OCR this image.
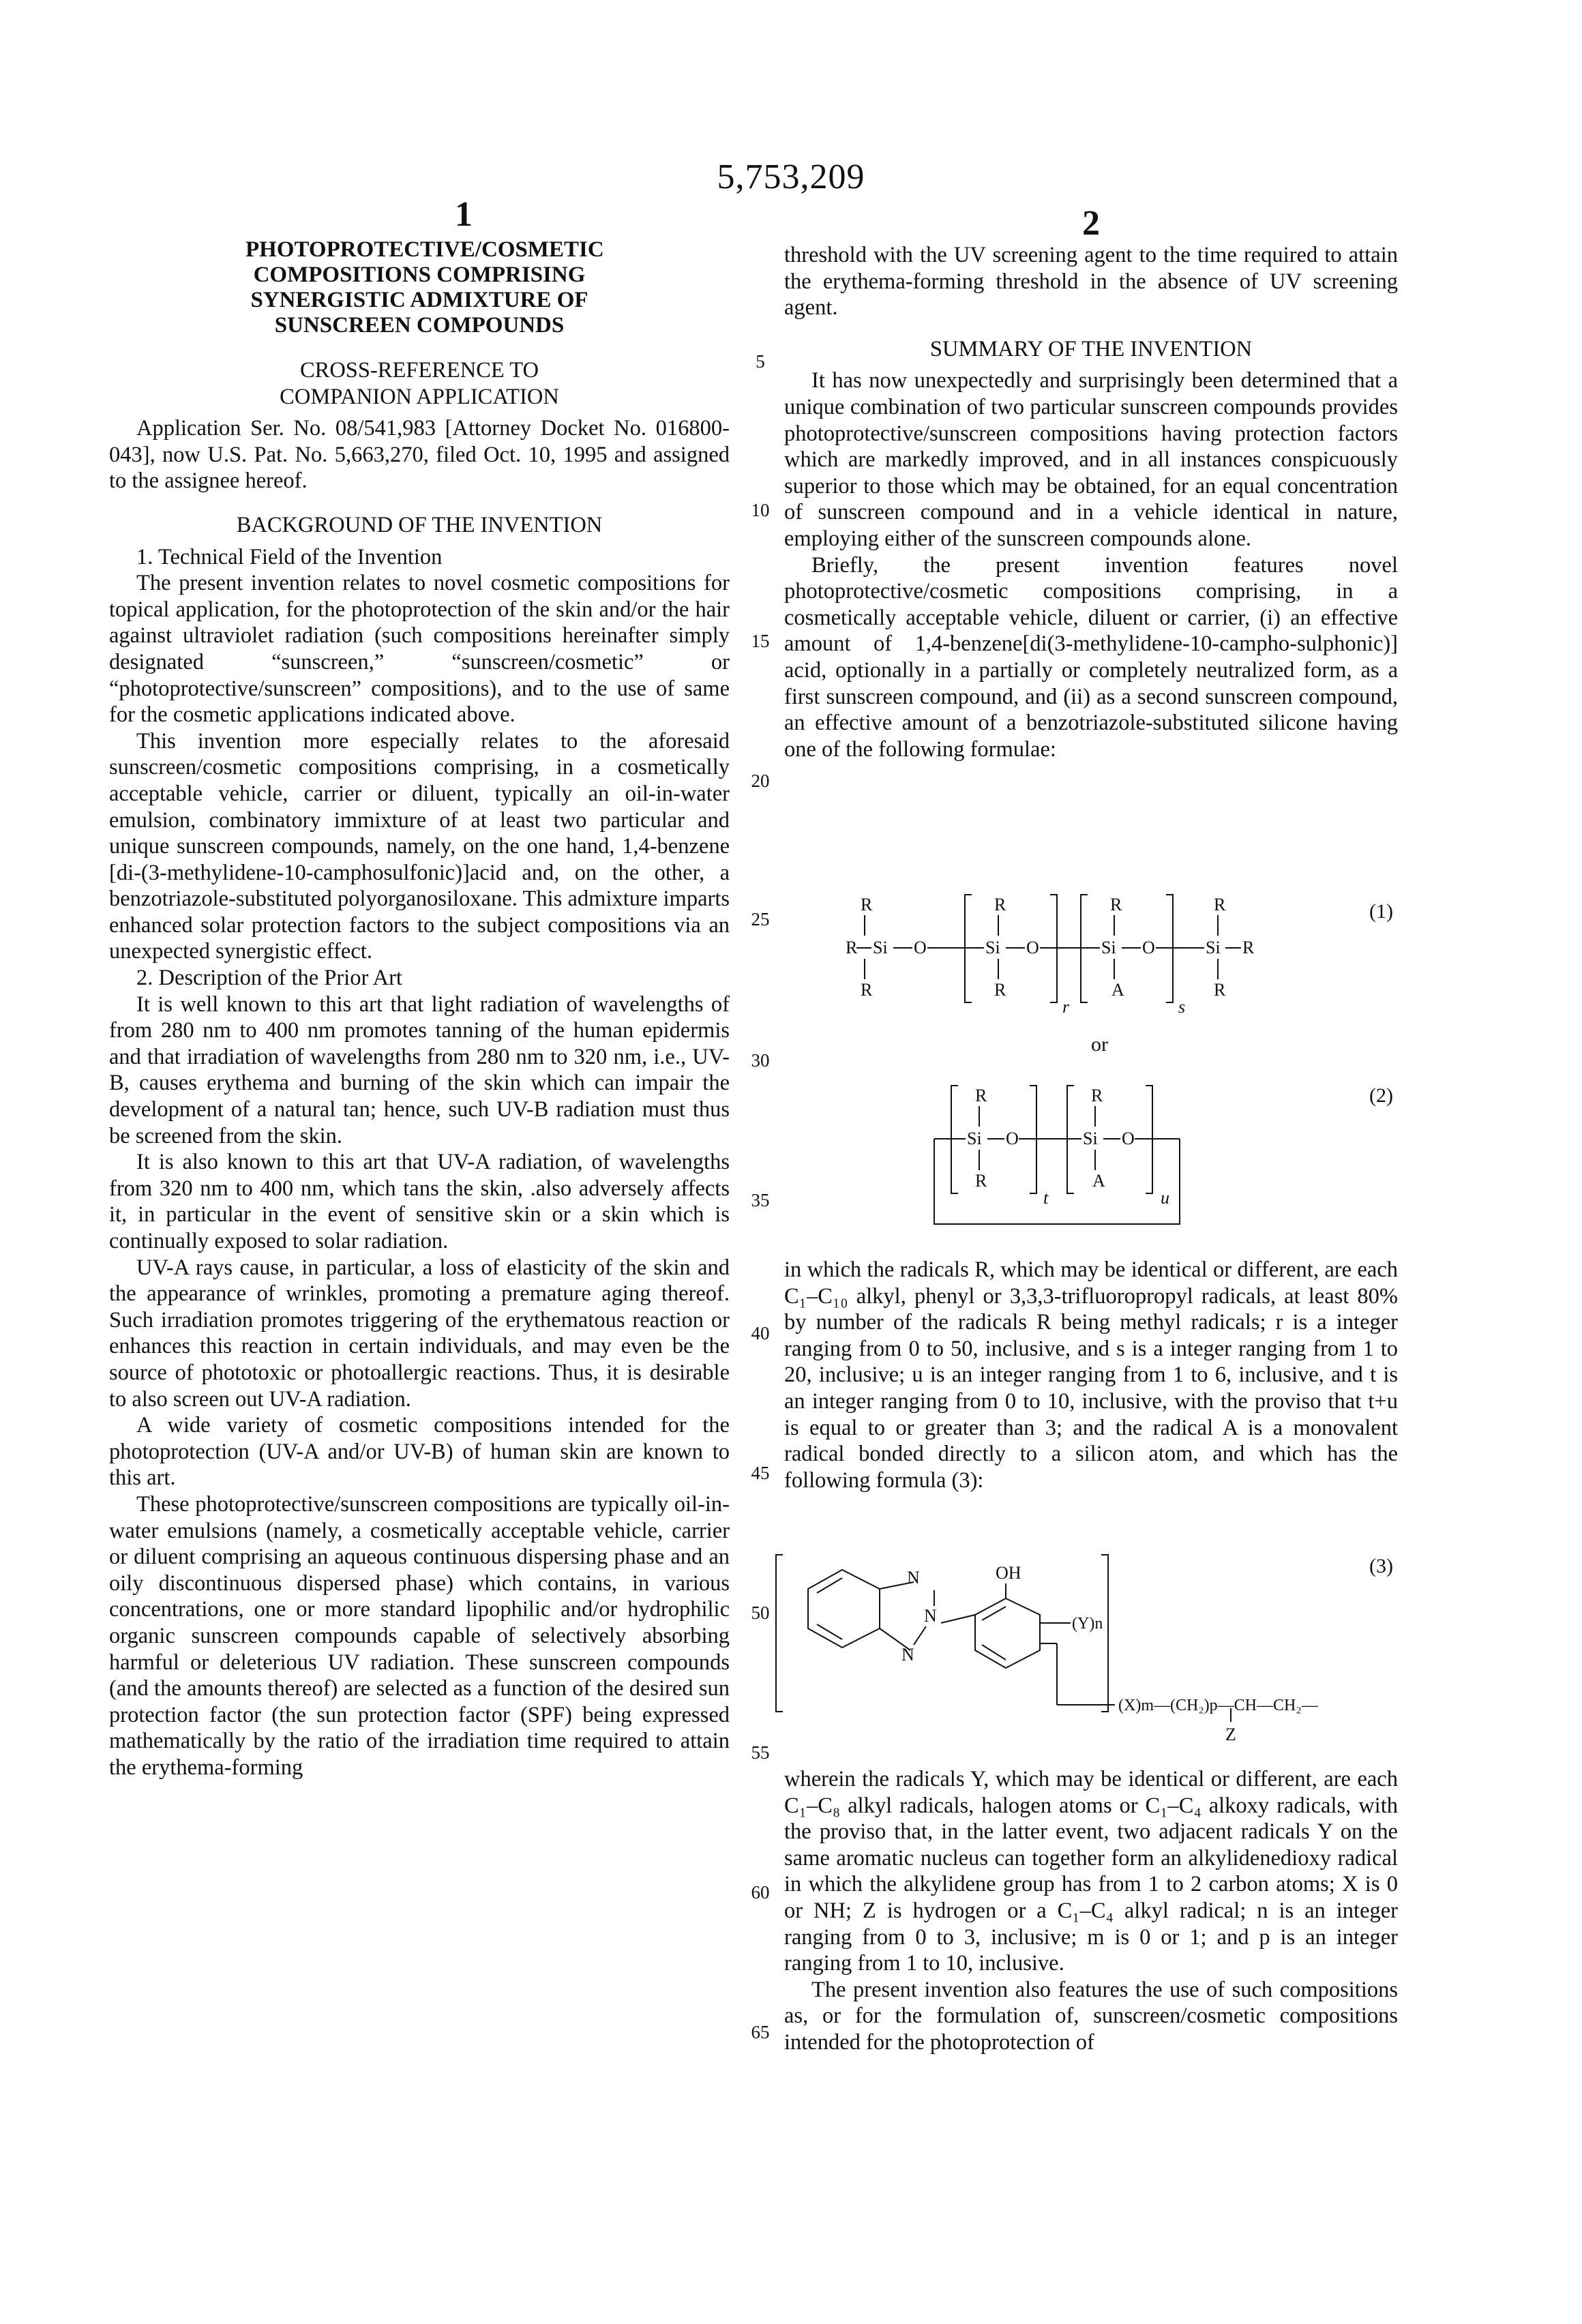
5,753,209
1	2

PHOTOPROTECTIVE/COSMETIC COMPOSITIONS COMPRISING SYNERGISTIC ADMIXTURE OF SUNSCREEN COMPOUNDS

CROSS-REFERENCE TO COMPANION APPLICATION

Application Ser. No. 08/541,983 [Attorney Docket No. 016800-043], now U.S. Pat. No. 5,663,270, filed Oct. 10, 1995 and assigned to the assignee hereof.

BACKGROUND OF THE INVENTION

1. Technical Field of the Invention

The present invention relates to novel cosmetic compositions for topical application, for the photoprotection of the skin and/or the hair against ultraviolet radiation (such compositions hereinafter simply designated “sunscreen,” “sunscreen/cosmetic” or “photoprotective/sunscreen” compositions), and to the use of same for the cosmetic applications indicated above.

This invention more especially relates to the aforesaid sunscreen/cosmetic compositions comprising, in a cosmetically acceptable vehicle, carrier or diluent, typically an oil-in-water emulsion, combinatory immixture of at least two particular and unique sunscreen compounds, namely, on the one hand, 1,4-benzene [di-(3-methylidene-10-camphosulfonic)]acid and, on the other, a benzotriazole-substituted polyorganosiloxane. This admixture imparts enhanced solar protection factors to the subject compositions via an unexpected synergistic effect.

2. Description of the Prior Art

It is well known to this art that light radiation of wavelengths of from 280 nm to 400 nm promotes tanning of the human epidermis and that irradiation of wavelengths from 280 nm to 320 nm, i.e., UV-B, causes erythema and burning of the skin which can impair the development of a natural tan; hence, such UV-B radiation must thus be screened from the skin.

It is also known to this art that UV-A radiation, of wavelengths from 320 nm to 400 nm, which tans the skin, .also adversely affects it, in particular in the event of sensitive skin or a skin which is continually exposed to solar radiation.

UV-A rays cause, in particular, a loss of elasticity of the skin and the appearance of wrinkles, promoting a premature aging thereof. Such irradiation promotes triggering of the erythematous reaction or enhances this reaction in certain individuals, and may even be the source of phototoxic or photoallergic reactions. Thus, it is desirable to also screen out UV-A radiation.

A wide variety of cosmetic compositions intended for the photoprotection (UV-A and/or UV-B) of human skin are known to this art.

These photoprotective/sunscreen compositions are typically oil-in-water emulsions (namely, a cosmetically acceptable vehicle, carrier or diluent comprising an aqueous continuous dispersing phase and an oily discontinuous dispersed phase) which contains, in various concentrations, one or more standard lipophilic and/or hydrophilic organic sunscreen compounds capable of selectively absorbing harmful or deleterious UV radiation. These sunscreen compounds (and the amounts thereof) are selected as a function of the desired sun protection factor (the sun protection factor (SPF) being expressed mathematically by the ratio of the irradiation time required to attain the erythema-forming

5
10
15
20
25
30
35
40
45
50
55
60
65

threshold with the UV screening agent to the time required to attain the erythema-forming threshold in the absence of UV screening agent.

SUMMARY OF THE INVENTION

It has now unexpectedly and surprisingly been determined that a unique combination of two particular sunscreen compounds provides photoprotective/sunscreen compositions having protection factors which are markedly improved, and in all instances conspicuously superior to those which may be obtained, for an equal concentration of sunscreen compound and in a vehicle identical in nature, employing either of the sunscreen compounds alone.

Briefly, the present invention features novel photoprotective/cosmetic compositions comprising, in a cosmetically acceptable vehicle, diluent or carrier, (i) an effective amount of 1,4-benzene[di(3-methylidene-10-campho-sulphonic)] acid, optionally in a partially or completely neutralized form, as a first sunscreen compound, and (ii) as a second sunscreen compound, an effective amount of a benzotriazole-substituted silicone having one of the following formulae:

R
R Si O
R
R
Si O
R
r
R
Si O
A
s
R
Si R
R
(1)
or
R
Si O
R
t
R
Si O
A
u
(2)

in which the radicals R, which may be identical or different, are each C₁–C₁₀ alkyl, phenyl or 3,3,3-trifluoropropyl radicals, at least 80% by number of the radicals R being methyl radicals; r is a integer ranging from 0 to 50, inclusive, and s is a integer ranging from 1 to 20, inclusive; u is an integer ranging from 1 to 6, inclusive, and t is an integer ranging from 0 to 10, inclusive, with the proviso that t+u is equal to or greater than 3; and the radical A is a monovalent radical bonded directly to a silicon atom, and which has the following formula (3):

N
N
N
OH
(Y)n
(X)m—(CH₂)p—CH—CH₂—
Z
(3)

wherein the radicals Y, which may be identical or different, are each C₁–C₈ alkyl radicals, halogen atoms or C₁–C₄ alkoxy radicals, with the proviso that, in the latter event, two adjacent radicals Y on the same aromatic nucleus can together form an alkylidenedioxy radical in which the alkylidene group has from 1 to 2 carbon atoms; X is 0 or NH; Z is hydrogen or a C₁–C₄ alkyl radical; n is an integer ranging from 0 to 3, inclusive; m is 0 or 1; and p is an integer ranging from 1 to 10, inclusive.

The present invention also features the use of such compositions as, or for the formulation of, sunscreen/cosmetic compositions intended for the photoprotection of
